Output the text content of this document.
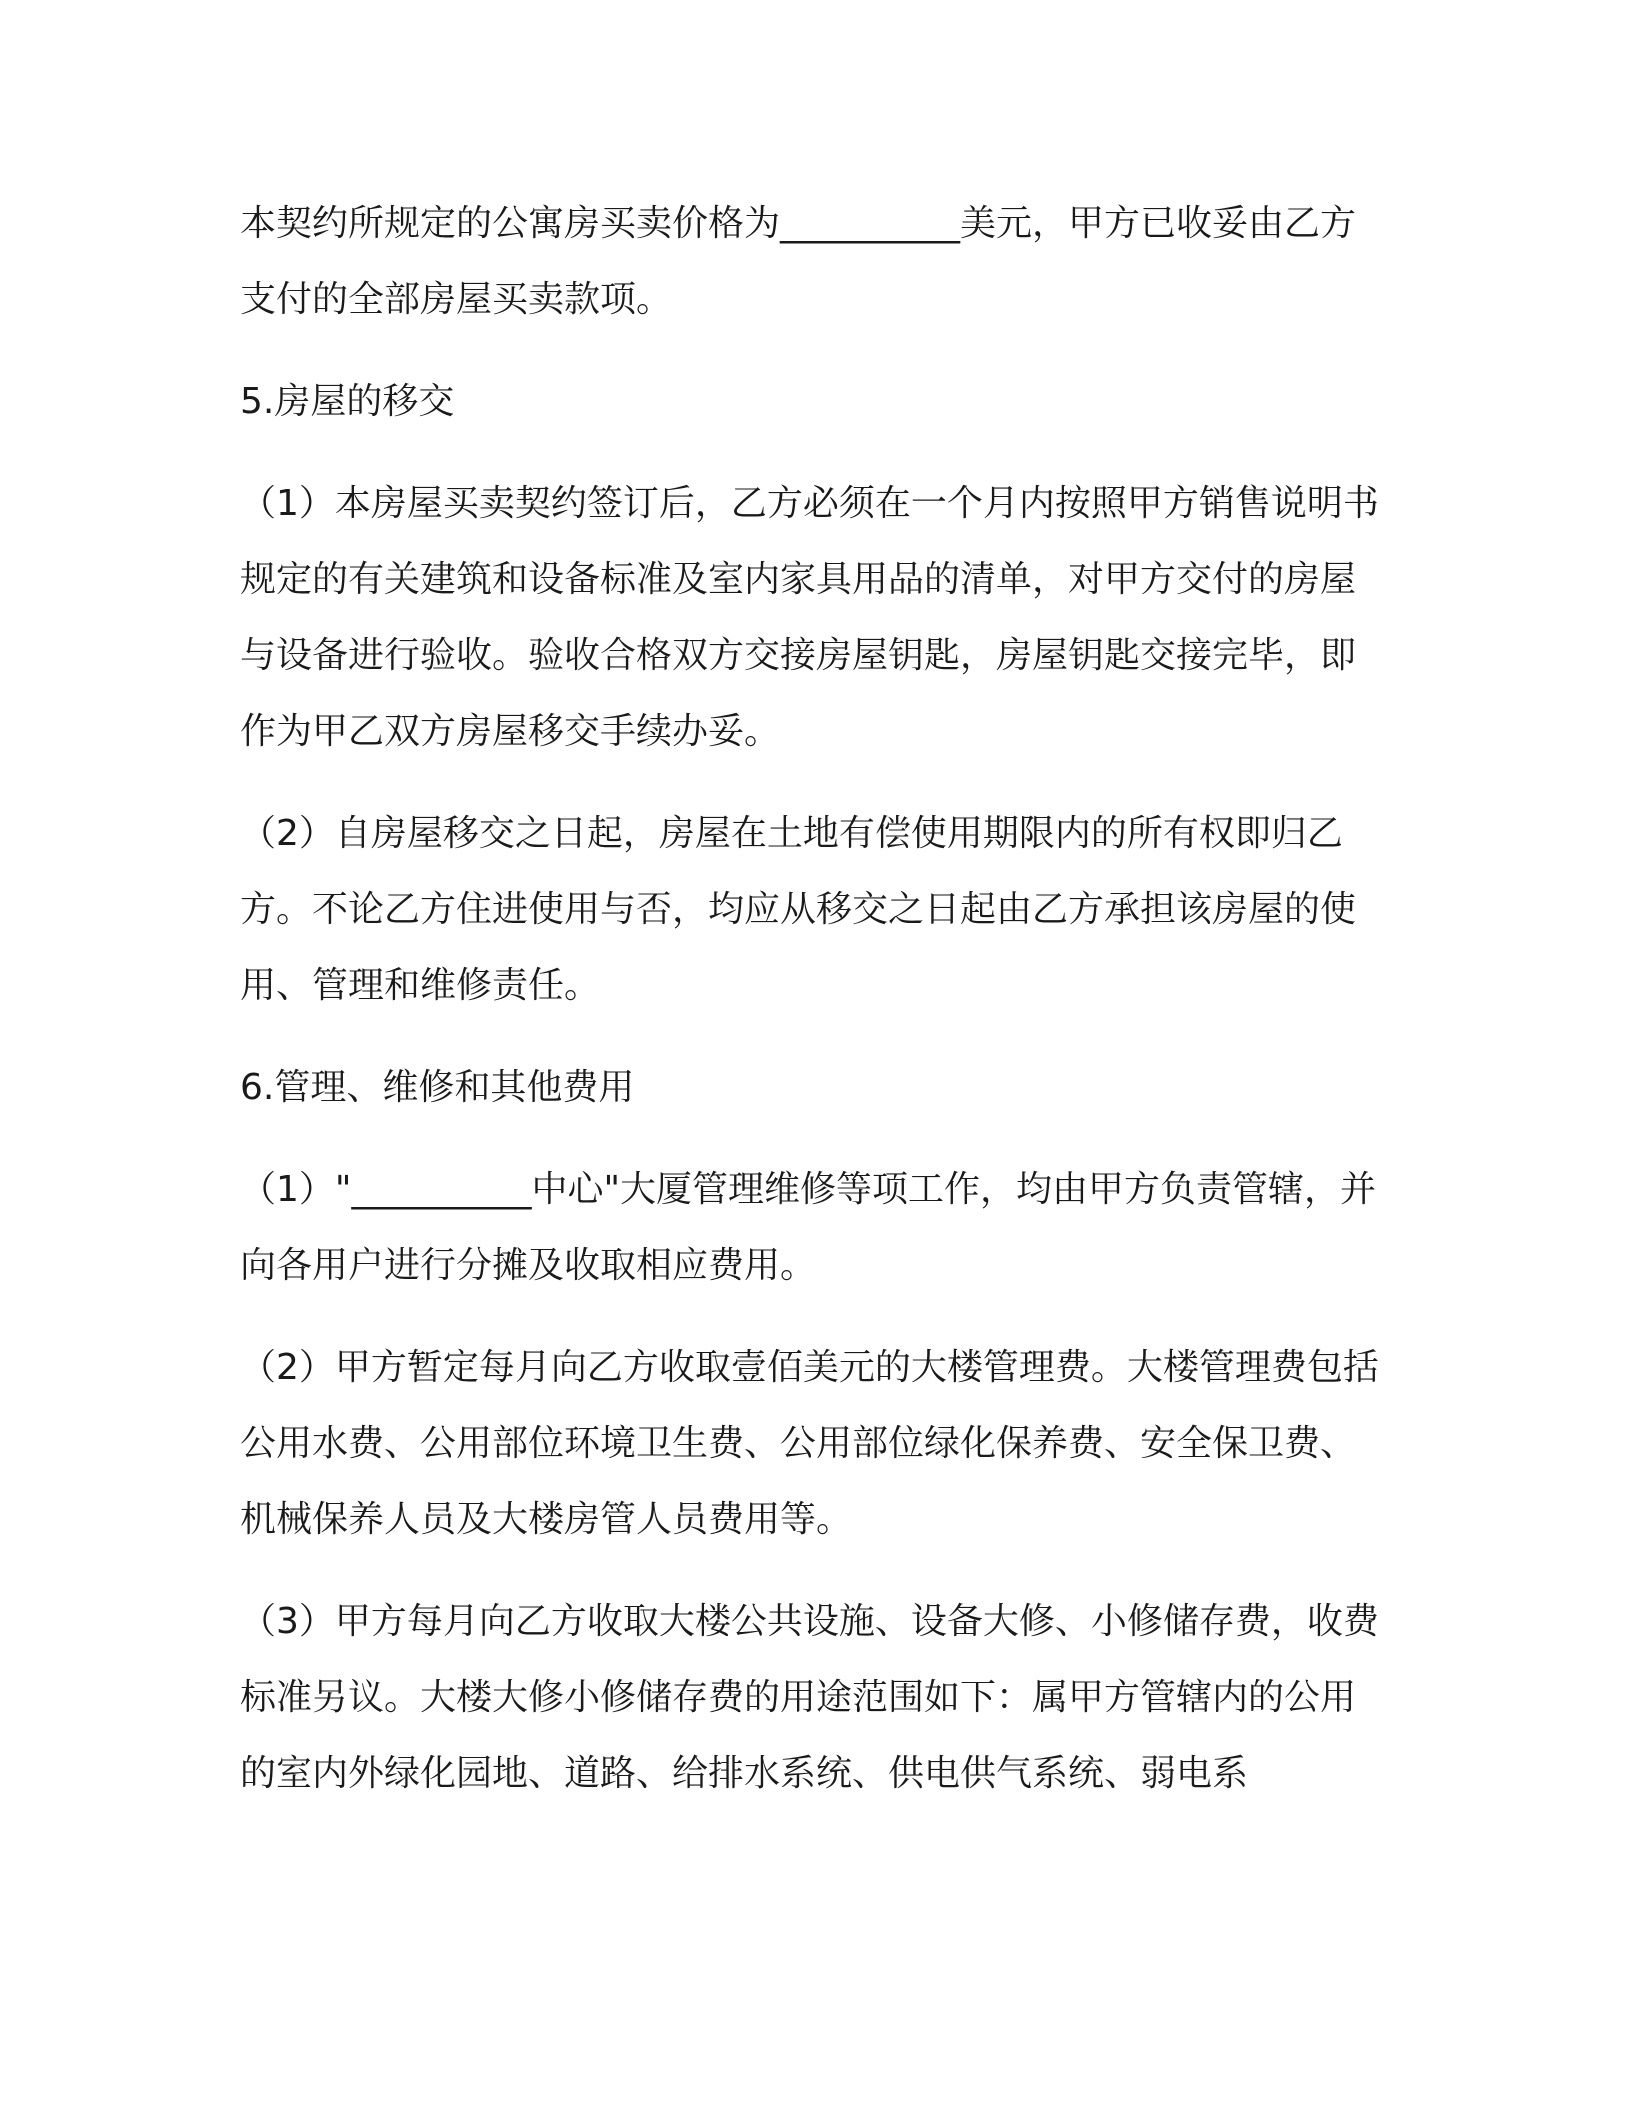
本契约所规定的公寓房买卖价格为__________美元，甲方已收妥由乙方支付的全部房屋买卖款项。

5.房屋的移交

（1）本房屋买卖契约签订后，乙方必须在一个月内按照甲方销售说明书规定的有关建筑和设备标准及室内家具用品的清单，对甲方交付的房屋与设备进行验收。验收合格双方交接房屋钥匙，房屋钥匙交接完毕，即作为甲乙双方房屋移交手续办妥。

（2）自房屋移交之日起，房屋在土地有偿使用期限内的所有权即归乙方。不论乙方住进使用与否，均应从移交之日起由乙方承担该房屋的使用、管理和维修责任。

6.管理、维修和其他费用

（1）"__________中心"大厦管理维修等项工作，均由甲方负责管辖，并向各用户进行分摊及收取相应费用。

（2）甲方暂定每月向乙方收取壹佰美元的大楼管理费。大楼管理费包括公用水费、公用部位环境卫生费、公用部位绿化保养费、安全保卫费、机械保养人员及大楼房管人员费用等。

（3）甲方每月向乙方收取大楼公共设施、设备大修、小修储存费，收费标准另议。大楼大修小修储存费的用途范围如下：属甲方管辖内的公用的室内外绿化园地、道路、给排水系统、供电供气系统、弱电系
